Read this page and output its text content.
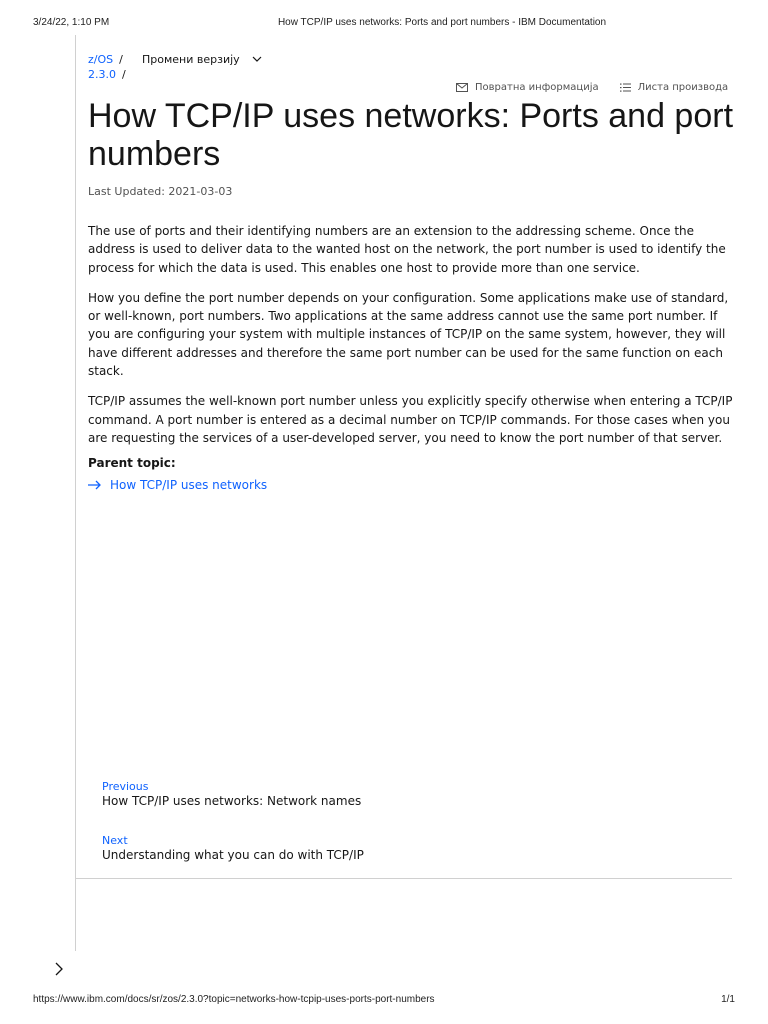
3/24/22, 1:10 PM	How TCP/IP uses networks: Ports and port numbers - IBM Documentation
z/OS /
2.3.0 /
Промени верзију
Повратна информација	Листа производа
How TCP/IP uses networks: Ports and port numbers
Last Updated: 2021-03-03

The use of ports and their identifying numbers are an extension to the addressing scheme. Once the address is used to deliver data to the wanted host on the network, the port number is used to identify the process for which the data is used. This enables one host to provide more than one service.

How you define the port number depends on your configuration. Some applications make use of standard, or well-known, port numbers. Two applications at the same address cannot use the same port number. If you are configuring your system with multiple instances of TCP/IP on the same system, however, they will have different addresses and therefore the same port number can be used for the same function on each stack.

TCP/IP assumes the well-known port number unless you explicitly specify otherwise when entering a TCP/IP command. A port number is entered as a decimal number on TCP/IP commands. For those cases when you are requesting the services of a user-developed server, you need to know the port number of that server.

Parent topic:
How TCP/IP uses networks
Previous
How TCP/IP uses networks: Network names
Next
Understanding what you can do with TCP/IP
https://www.ibm.com/docs/sr/zos/2.3.0?topic=networks-how-tcpip-uses-ports-port-numbers	1/1
